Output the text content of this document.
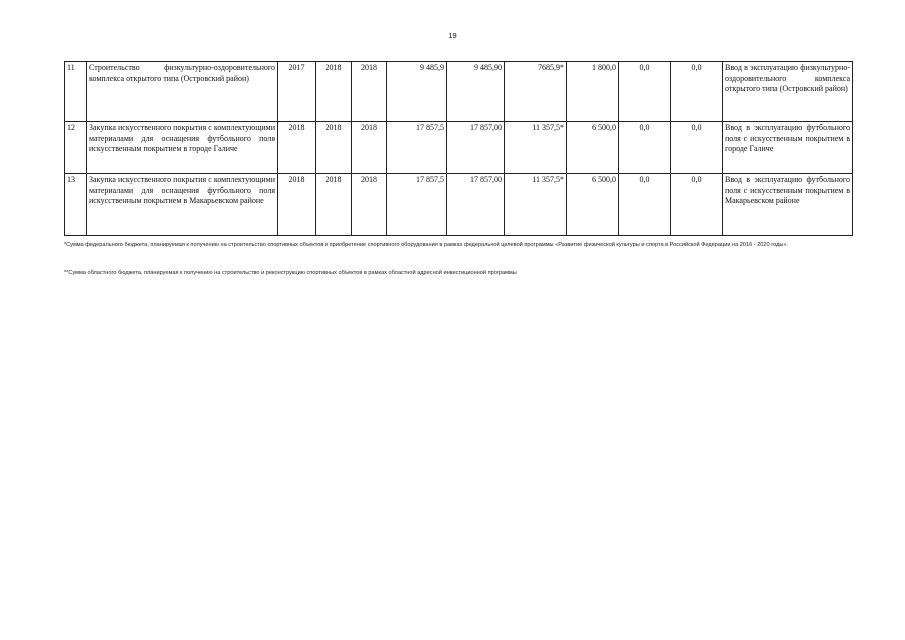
19
11	Строительство физкультурно-оздоровительного комплекса открытого типа (Островский район)	2017	2018	2018	9 485,9	9 485,90	7685,9*	1 800,0	0,0	0,0	Ввод в эксплуатацию физкультурно-оздоровительного комплекса открытого типа (Островский район)
12	Закупка искусственного покрытия с комплектующими материалами для оснащения футбольного поля искусственным покрытием в городе Галиче	2018	2018	2018	17 857,5	17 857,00	11 357,5*	6 500,0	0,0	0,0	Ввод в эксплуатацию футбольного поля с искусственным покрытием в городе Галиче
13	Закупка искусственного покрытия с комплектующими материалами для оснащения футбольного поля искусственным покрытием в Макарьевском районе	2018	2018	2018	17 857,5	17 857,00	11 357,5*	6 500,0	0,0	0,0	Ввод в эксплуатацию футбольного поля с искусственным покрытием в Макарьевском районе
*Сумма федерального бюджета, планируемая к получению на строительство спортивных объектов и приобретение спортивного оборудования в рамках федеральной целевой программы «Развитие физической культуры и спорта в Российской Федерации на 2016 - 2020 годы».
**Сумма областного бюджета, планируемая к получению на строительство и реконструкцию спортивных объектов в рамках областной адресной инвестиционной программы
